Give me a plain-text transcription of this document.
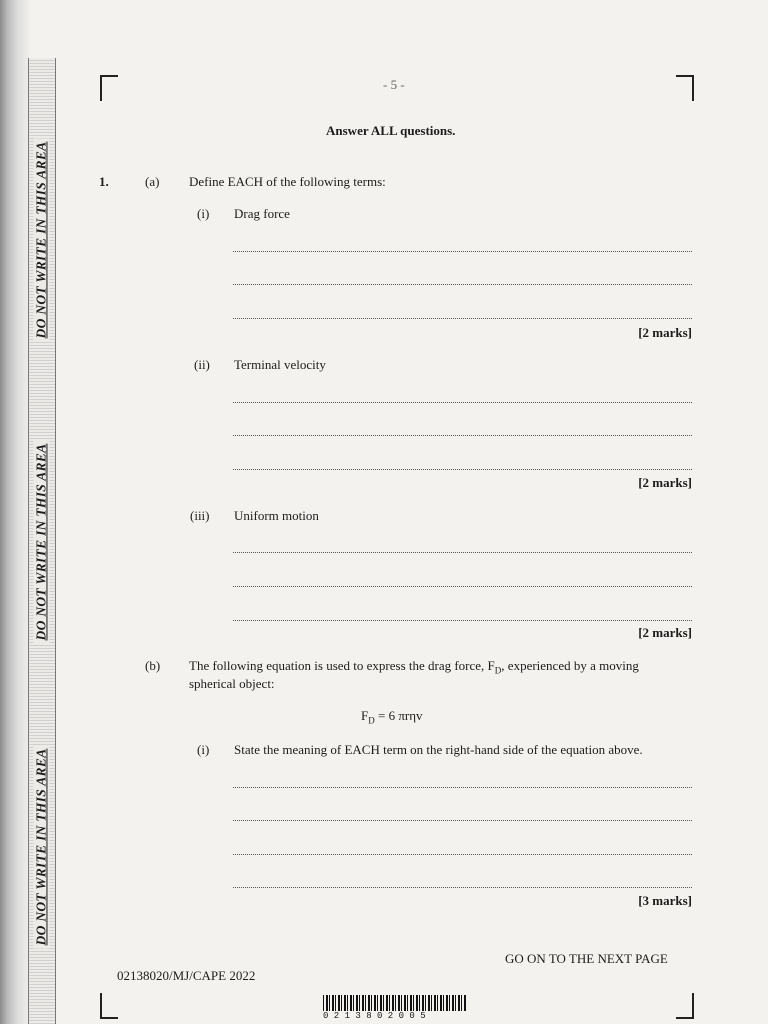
DO NOT WRITE IN THIS AREA
DO NOT WRITE IN THIS AREA
DO NOT WRITE IN THIS AREA
- 5 -
Answer ALL questions.
1.	(a) Define EACH of the following terms:
(i) Drag force
[2 marks]
(ii) Terminal velocity
[2 marks]
(iii) Uniform motion
[2 marks]
(b) The following equation is used to express the drag force, $F_D$, experienced by a moving
spherical object:
$F_D = 6$ πrηv
(i) State the meaning of EACH term on the right-hand side of the equation above.
[3 marks]
GO ON TO THE NEXT PAGE
02138020/MJ/CAPE 2022
0213802005
